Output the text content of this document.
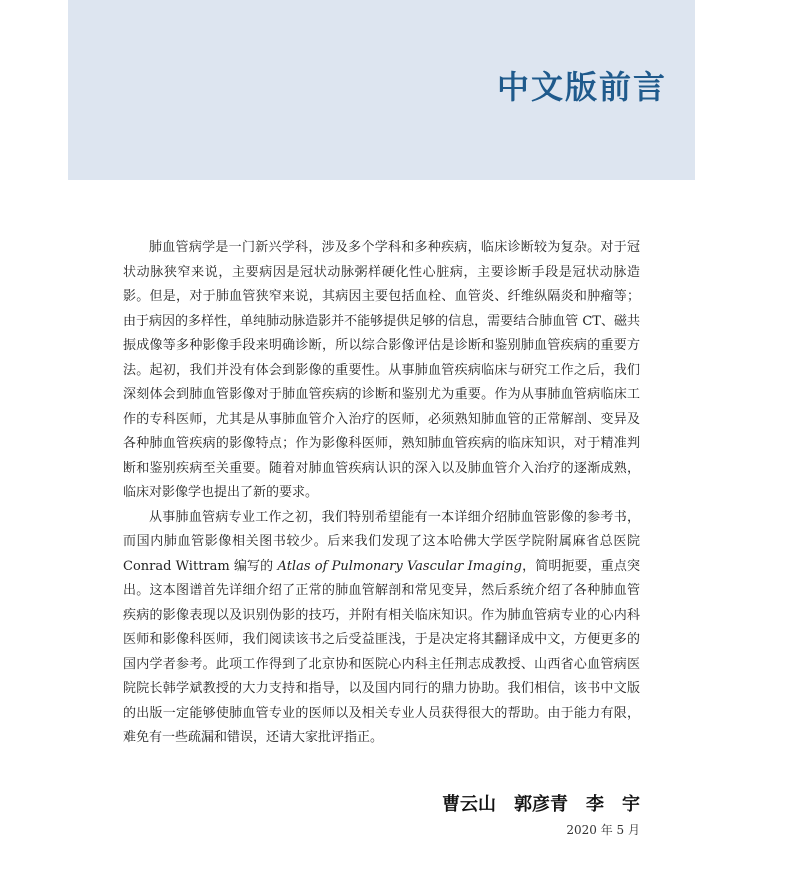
中文版前言

肺血管病学是一门新兴学科，涉及多个学科和多种疾病，临床诊断较为复杂。对于冠状动脉狭窄来说，主要病因是冠状动脉粥样硬化性心脏病，主要诊断手段是冠状动脉造影。但是，对于肺血管狭窄来说，其病因主要包括血栓、血管炎、纤维纵隔炎和肿瘤等；由于病因的多样性，单纯肺动脉造影并不能够提供足够的信息，需要结合肺血管 CT、磁共振成像等多种影像手段来明确诊断，所以综合影像评估是诊断和鉴别肺血管疾病的重要方法。起初，我们并没有体会到影像的重要性。从事肺血管疾病临床与研究工作之后，我们深刻体会到肺血管影像对于肺血管疾病的诊断和鉴别尤为重要。作为从事肺血管病临床工作的专科医师，尤其是从事肺血管介入治疗的医师，必须熟知肺血管的正常解剖、变异及各种肺血管疾病的影像特点；作为影像科医师，熟知肺血管疾病的临床知识，对于精准判断和鉴别疾病至关重要。随着对肺血管疾病认识的深入以及肺血管介入治疗的逐渐成熟，临床对影像学也提出了新的要求。

从事肺血管病专业工作之初，我们特别希望能有一本详细介绍肺血管影像的参考书，而国内肺血管影像相关图书较少。后来我们发现了这本哈佛大学医学院附属麻省总医院 Conrad Wittram 编写的 Atlas of Pulmonary Vascular Imaging，简明扼要，重点突出。这本图谱首先详细介绍了正常的肺血管解剖和常见变异，然后系统介绍了各种肺血管疾病的影像表现以及识别伪影的技巧，并附有相关临床知识。作为肺血管病专业的心内科医师和影像科医师，我们阅读该书之后受益匪浅，于是决定将其翻译成中文，方便更多的国内学者参考。此项工作得到了北京协和医院心内科主任荆志成教授、山西省心血管病医院院长韩学斌教授的大力支持和指导，以及国内同行的鼎力协助。我们相信，该书中文版的出版一定能够使肺血管专业的医师以及相关专业人员获得很大的帮助。由于能力有限，难免有一些疏漏和错误，还请大家批评指正。

曹云山　郭彦青　李　宇
2020 年 5 月
